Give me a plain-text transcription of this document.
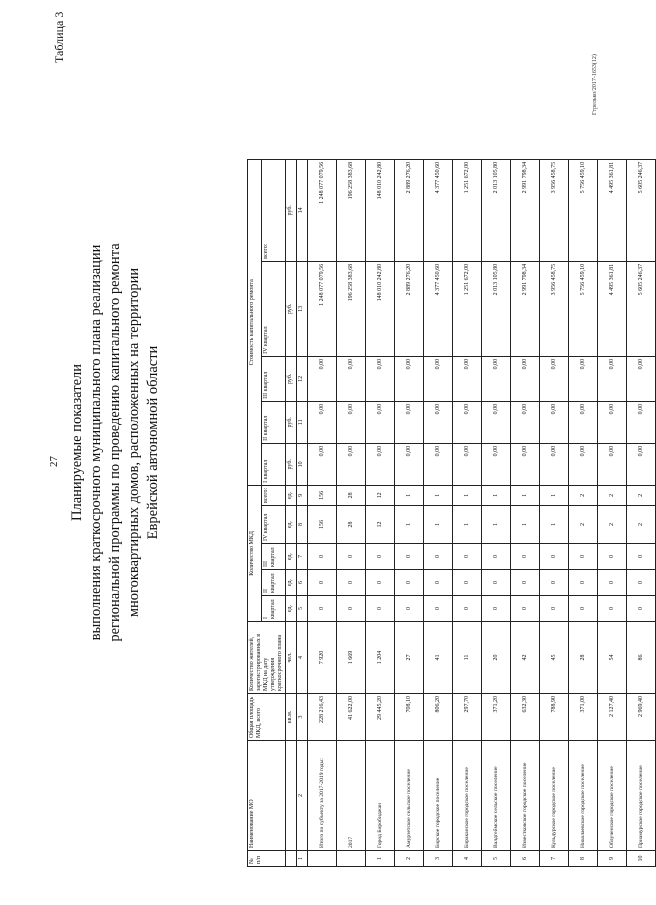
27
Таблица 3
Планируемые показатели выполнения краткосрочного муниципального плана реализации региональной программы по проведению капитального ремонта многоквартирных домов, расположенных на территории Еврейской автономной области
№ п/п	Наименование МО	Общая площадь МКД, всего	Количество жителей, зарегистрированных в МКД на дату утверждения краткосрочного плана	Количество МКД					Стоимость капитального ремонта				
				I квартал	II квартал	III квартал	IV квартал	всего:	I квартал	II квартал	III квартал	IV квартал	всего:
		кв.м.	чел.	ед.	ед.	ед.	ед.	ед.	руб.	руб.	руб.	руб.	руб.
1	2	3	4	5	6	7	8	9	10	11	12	13	14
	Итого по субъекту за 2017-2019 годы:	228 216,43	7 920	0	0	0	156	156	0,00	0,00	0,00	1 248 077 079,56	1 248 077 079,56
	2017	41 622,00	1 669	0	0	0	28	28	0,00	0,00	0,00	196 258 383,68	196 258 383,68
1	Город Биробиджан	29 445,20	1 204	0	0	0	12	12	0,00	0,00	0,00	148 010 242,80	148 010 242,80
2	Амурзетское сельское поселение	708,10	27	0	0	0	1	1	0,00	0,00	0,00	2 889 276,20	2 889 276,20
3	Бирское городское поселение	806,20	41	0	0	0	1	1	0,00	0,00	0,00	4 377 450,60	4 377 450,60
4	Бираканское городское поселение	297,70	11	0	0	0	1	1	0,00	0,00	0,00	1 251 672,00	1 251 672,00
5	Валдгеймское сельское поселение	371,20	20	0	0	0	1	1	0,00	0,00	0,00	2 013 105,80	2 013 105,80
6	Известковское городское поселение	632,30	42	0	0	0	1	1	0,00	0,00	0,00	2 991 798,34	2 991 798,34
7	Кульдурское городское поселение	788,90	45	0	0	0	1	1	0,00	0,00	0,00	3 956 458,75	3 956 458,75
8	Николаевское городское поселение	371,00	28	0	0	0	2	2	0,00	0,00	0,00	5 756 459,10	5 756 459,10
9	Облученское городское поселение	2 127,40	54	0	0	0	2	2	0,00	0,00	0,00	4 495 361,81	4 495 361,81
10	Приамурское городское поселение	2 969,40	86	0	0	0	2	2	0,00	0,00	0,00	5 605 246,37	5 605 246,37
Гтрелько/2017-1653(12)
